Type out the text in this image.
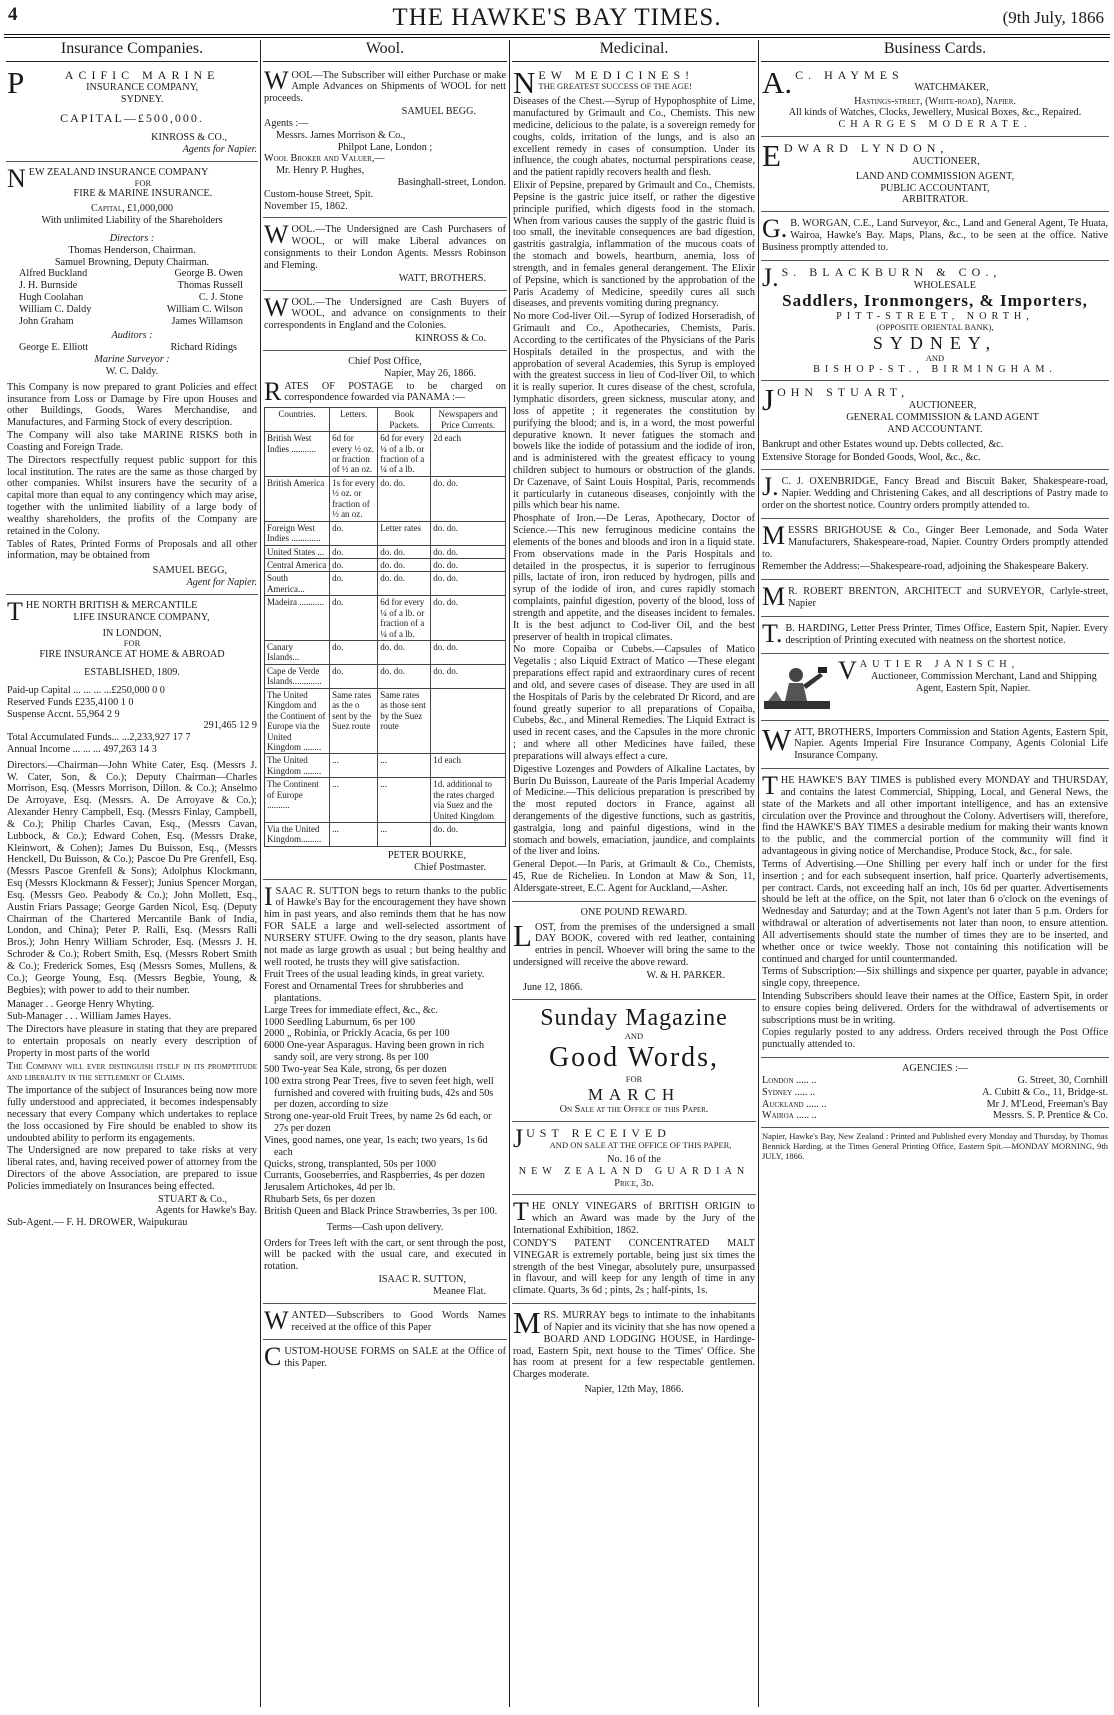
4	THE HAWKE'S BAY TIMES.	(9th July, 1866
Insurance Companies.
P	ACIFIC MARINE
INSURANCE COMPANY,
SYDNEY.
CAPITAL—£500,000.
KINROSS & CO.,
Agents for Napier.
N EW ZEALAND INSURANCE COMPANY
FOR
FIRE & MARINE INSURANCE.
Capital, £1,000,000
With unlimited Liability of the Shareholders
Directors :
Thomas Henderson, Chairman.
Samuel Browning, Deputy Chairman.
Alfred Buckland	George B. Owen
J. H. Burnside	Thomas Russell
Hugh Coolahan	C. J. Stone
William C. Daldy	William C. Wilson
John Graham	James Willamson
Auditors :
George E. Elliott	Richard Ridings
Marine Surveyor :
W. C. Daldy.

This Company is now prepared to grant Policies and effect insurance from Loss or Damage by Fire upon Houses and other Buildings, Goods, Wares Merchandise, and Manufactures, and Farming Stock of every description.

The Company will also take MARINE RISKS both in Coasting and Foreign Trade.

The Directors respectfully request public support for this local institution. The rates are the same as those charged by other companies. Whilst insurers have the security of a capital more than equal to any contingency which may arise, together with the unlimited liability of a large body of wealthy shareholders, the profits of the Company are retained in the Colony.

Tables of Rates, Printed Forms of Proposals and all other information, may be obtained from

SAMUEL BEGG,
Agent for Napier.
T HE NORTH BRITISH & MERCANTILE
LIFE INSURANCE COMPANY,
IN LONDON,
FOR
FIRE INSURANCE AT HOME & ABROAD
ESTABLISHED, 1809.
Paid-up Capital ... ... ... ...£250,000 0 0
Reserved Funds £235,4100 1 0
Suspense Accnt. 55,964 2 9
291,465 12 9
Total Accumulated Funds... ...2,233,927 17 7
Annual Income ... ... ... 497,263 14 3

Directors.—Chairman—John White Cater, Esq. (Messrs J. W. Cater, Son, & Co.); Deputy Chairman—Charles Morrison, Esq. (Messrs Morrison, Dillon. & Co.); Anselmo De Arroyave, Esq. (Messrs. A. De Arroyave & Co.); Alexander Henry Campbell, Esq. (Messrs Finlay, Campbell, & Co.); Philip Charles Cavan, Esq., (Messrs Cavan, Lubbock, & Co.); Edward Cohen, Esq. (Messrs Drake, Kleinwort, & Cohen); James Du Buisson, Esq., (Messrs Henckell, Du Buisson, & Co.); Pascoe Du Pre Grenfell, Esq. (Messrs Pascoe Grenfell & Sons); Adolphus Klockmann, Esq (Messrs Klockmann & Fesser); Junius Spencer Morgan, Esq. (Messrs Geo. Peabody & Co.); John Mollett, Esq., Austin Friars Passage; George Garden Nicol, Esq. (Deputy Chairman of the Chartered Mercantile Bank of India, London, and China); Peter P. Ralli, Esq. (Messrs Ralli Bros.); John Henry William Schroder, Esq. (Messrs J. H. Schroder & Co.); Robert Smith, Esq. (Messrs Robert Smith & Co.); Frederick Somes, Esq (Messrs Somes, Mullens, & Co.); George Young, Esq. (Messrs Begbie, Young, & Begbies); with power to add to their number.

Manager . . George Henry Whyting.
Sub-Manager . . . William James Hayes.

The Directors have pleasure in stating that they are prepared to entertain proposals on nearly every description of Property in most parts of the world

The Company will ever distinguish itself in its promptitude and liberality in the settlement of Claims.

The importance of the subject of Insurances being now more fully understood and appreciated, it becomes indespensably necessary that every Company which undertakes to replace the loss occasioned by Fire should be enabled to show its undoubted ability to perform its engagements.

The Undersigned are now prepared to take risks at very liberal rates, and, having received power of attorney from the Directors of the above Association, are prepared to issue Policies immediately on Insurances being effected.

STUART & Co.,
Agents for Hawke's Bay.
Sub-Agent.— F. H. DROWER, Waipukurau
Wool.
W OOL—The Subscriber will either Purchase or make Ample Advances on Shipments of WOOL for nett proceeds.

SAMUEL BEGG.
Agents :—
Messrs. James Morrison & Co.,
Philpot Lane, London ;
Wool Broker and Valuer,—
Mr. Henry P. Hughes,
Basinghall-street, London.
Custom-house Street, Spit.
November 15, 1862.
W OOL.—The Undersigned are Cash Purchasers of WOOL, or will make Liberal advances on consignments to their London Agents. Messrs Robinson and Fleming.

WATT, BROTHERS.
W OOL.—The Undersigned are Cash Buyers of WOOL, and advance on consignments to their correspondents in England and the Colonies.

KINROSS & Co.
Chief Post Office,
Napier, May 26, 1866.
R ATES OF POSTAGE to be charged on correspondence fowarded via PANAMA :—

Countries.	Letters.	Book Packets.	Newspapers and Price Currents.
British West Indies ...........	6d for every ½ oz. or fraction of ½ an oz.	6d for every ¼ of a lb. or fraction of a ¼ of a lb.	2d each
British America	1s for every ½ oz. or fraction of ½ an oz.	do. do.	do. do.
Foreign West Indies .............	do.	Letter rates	do. do.
United States ...	do.	do. do.	do. do.
Central America	do.	do. do.	do. do.
South America...	do.	do. do.	do. do.
Madeira ...........	do.	6d for every ¼ of a lb. or fraction of a ¼ of a lb.	do. do.
Canary Islands...	do.	do. do.	do. do.
Cape de Verde Islands.............	do.	do. do.	do. do.
The United Kingdom and the Continent of Europe via the United Kingdom ........	Same rates as the o sent by the Suez route	Same rates as those sent by the Suez route	
The United Kingdom ........	...	...	1d each
The Continent of Europe ..........	...	...	1d. additional to the rates charged via Suez and the United Kingdom
Via the United Kingdom.........	...	...	do. do.
PETER BOURKE,
Chief Postmaster.
I SAAC R. SUTTON begs to return thanks to the public of Hawke's Bay for the encouragement they have shown him in past years, and also reminds them that he has now FOR SALE a large and well-selected assortment of NURSERY STUFF. Owing to the dry season, plants have not made as large growth as usual ; but being healthy and well rooted, he trusts they will give satisfaction.

Fruit Trees of the usual leading kinds, in great variety.
Forest and Ornamental Trees for shrubberies and plantations.
Large Trees for immediate effect, &c., &c.
1000 Seedling Laburnum, 6s per 100
2000 „ Robinia, or Prickly Acacia, 6s per 100
6000 One-year Asparagus. Having been grown in rich sandy soil, are very strong. 8s per 100
500 Two-year Sea Kale, strong, 6s per dozen
100 extra strong Pear Trees, five to seven feet high, well furnished and covered with fruiting buds, 42s and 50s per dozen, according to size
Strong one-year-old Fruit Trees, by name 2s 6d each, or 27s per dozen
Vines, good names, one year, 1s each; two years, 1s 6d each
Quicks, strong, transplanted, 50s per 1000
Currants, Gooseberries, and Raspberries, 4s per dozen
Jerusalem Artichokes, 4d per lb.
Rhubarb Sets, 6s per dozen
British Queen and Black Prince Strawberries, 3s per 100.
Terms—Cash upon delivery.

Orders for Trees left with the cart, or sent through the post, will be packed with the usual care, and executed in rotation.

ISAAC R. SUTTON,
Meanee Flat.
W ANTED—Subscribers to Good Words Names received at the office of this Paper

C USTOM-HOUSE FORMS on SALE at the Office of this Paper.

Medicinal.
N EW MEDICINES!
THE GREATEST SUCCESS OF THE AGE!

Diseases of the Chest.—Syrup of Hypophosphite of Lime, manufactured by Grimault and Co., Chemists. This new medicine, delicious to the palate, is a sovereign remedy for coughs, colds, irritation of the lungs, and is also an excellent remedy in cases of consumption. Under its influence, the cough abates, nocturnal perspirations cease, and the patient rapidly recovers health and flesh.

Elixir of Pepsine, prepared by Grimault and Co., Chemists. Pepsine is the gastric juice itself, or rather the digestive principle purified, which digests food in the stomach. When from various causes the supply of the gastric fluid is too small, the inevitable consequences are bad digestion, gastritis gastralgia, inflammation of the mucous coats of the stomach and bowels, heartburn, anemia, loss of strength, and in females general derangement. The Elixir of Pepsine, which is sanctioned by the approbation of the Paris Academy of Medicine, speedily cures all such diseases, and prevents vomiting during pregnancy.

No more Cod-liver Oil.—Syrup of Iodized Horseradish, of Grimault and Co., Apothecaries, Chemists, Paris. According to the certificates of the Physicians of the Paris Hospitals detailed in the prospectus, and with the approbation of several Academies, this Syrup is employed with the greatest success in lieu of Cod-liver Oil, to which it is really superior. It cures disease of the chest, scrofula, lymphatic disorders, green sickness, muscular atony, and loss of appetite ; it regenerates the constitution by purifying the blood; and is, in a word, the most powerful depurative known. It never fatigues the stomach and bowels like the iodide of potassium and the iodide of iron, and is administered with the greatest efficacy to young children subject to humours or obstruction of the glands. Dr Cazenave, of Saint Louis Hospital, Paris, recommends it particularly in cutaneous diseases, conjointly with the pills which bear his name.

Phosphate of Iron.—De Leras, Apothecary, Doctor of Science.—This new ferruginous medicine contains the elements of the bones and bloods and iron in a liquid state. From observations made in the Paris Hospitals and detailed in the prospectus, it is superior to ferruginous pills, lactate of iron, iron reduced by hydrogen, pills and syrup of the iodide of iron, and cures rapidly stomach complaints, painful digestion, poverty of the blood, loss of strength and appetite, and the diseases incident to females. It is the best adjunct to Cod-liver Oil, and the best preserver of health in tropical climates.

No more Copaiba or Cubebs.—Capsules of Matico Vegetalis ; also Liquid Extract of Matico —These elegant preparations effect rapid and extraordinary cures of recent and old, and severe cases of disease. They are used in all the Hospitals of Paris by the celebrated Dr Ricord, and are found greatly superior to all preparations of Copaiba, Cubebs, &c., and Mineral Remedies. The Liquid Extract is used in recent cases, and the Capsules in the more chronic ; and where all other Medicines have failed, these preparations will always effect a cure.

Digestive Lozenges and Powders of Alkaline Lactates, by Burin Du Buisson, Laureate of the Paris Imperial Academy of Medicine.—This delicious preparation is prescribed by the most reputed doctors in France, against all derangements of the digestive functions, such as gastritis, gastralgia, long and painful digestions, wind in the stomach and bowels, emaciation, jaundice, and complaints of the liver and loins.

General Depot.—In Paris, at Grimault & Co., Chemists, 45, Rue de Richelieu. In London at Maw & Son, 11, Aldersgate-street, E.C. Agent for Auckland,—Asher.

ONE POUND REWARD.
L OST, from the premises of the undersigned a small DAY BOOK, covered with red leather, containing entries in pencil. Whoever will bring the same to the undersigned will receive the above reward.

W. & H. PARKER.
June 12, 1866.
Sunday Magazine
AND
Good Words,
FOR
MARCH
On Sale at the Office of this Paper.
J UST RECEIVED
AND ON SALE AT THE OFFICE OF THIS PAPER,
No. 16 of the
NEW ZEALAND GUARDIAN
Price, 3d.
T HE ONLY VINEGARS of BRITISH ORIGIN to which an Award was made by the Jury of the International Exhibition, 1862.

CONDY'S PATENT CONCENTRATED MALT VINEGAR is extremely portable, being just six times the strength of the best Vinegar, absolutely pure, unsurpassed in flavour, and will keep for any length of time in any climate. Quarts, 3s 6d ; pints, 2s ; half-pints, 1s.

M RS. MURRAY begs to intimate to the inhabitants of Napier and its vicinity that she has now opened a BOARD AND LODGING HOUSE, in Hardinge-road, Eastern Spit, next house to the 'Times' Office. She has room at present for a few respectable gentlemen. Charges moderate.

Napier, 12th May, 1866.
Business Cards.
A. C. HAYMES
WATCHMAKER,
Hastings-street, (White-road), Napier.
All kinds of Watches, Clocks, Jewellery, Musical Boxes, &c., Repaired.
CHARGES MODERATE.
E DWARD LYNDON,
AUCTIONEER,
LAND AND COMMISSION AGENT,
PUBLIC ACCOUNTANT,
ARBITRATOR.
G. B. WORGAN, C.E., Land Surveyor, &c., Land and General Agent, Te Huata, Wairoa, Hawke's Bay. Maps, Plans, &c., to be seen at the office. Native Business promptly attended to.

J. S. BLACKBURN & CO.,
WHOLESALE
Saddlers, Ironmongers, & Importers,
PITT-STREET, NORTH,
(OPPOSITE ORIENTAL BANK),
SYDNEY,
AND
BISHOP-ST., BIRMINGHAM.
J OHN STUART,
AUCTIONEER,
GENERAL COMMISSION & LAND AGENT
AND ACCOUNTANT.

Bankrupt and other Estates wound up. Debts collected, &c.

Extensive Storage for Bonded Goods, Wool, &c., &c.

J. C. J. OXENBRIDGE, Fancy Bread and Biscuit Baker, Shakespeare-road, Napier. Wedding and Christening Cakes, and all descriptions of Pastry made to order on the shortest notice. Country orders promptly attended to.

M ESSRS BRIGHOUSE & Co., Ginger Beer Lemonade, and Soda Water Manufacturers, Shakespeare-road, Napier. Country Orders promptly attended to.

Remember the Address:—Shakespeare-road, adjoining the Shakespeare Bakery.

M R. ROBERT BRENTON, ARCHITECT and SURVEYOR, Carlyle-street, Napier

T. B. HARDING, Letter Press Printer, Times Office, Eastern Spit, Napier. Every description of Printing executed with neatness on the shortest notice.

V AUTIER JANISCH,

Auctioneer, Commission Merchant, Land and Shipping Agent, Eastern Spit, Napier.

W ATT, BROTHERS, Importers Commission and Station Agents, Eastern Spit, Napier. Agents Imperial Fire Insurance Company, Agents Colonial Life Insurance Company.

T HE HAWKE'S BAY TIMES is published every MONDAY and THURSDAY, and contains the latest Commercial, Shipping, Local, and General News, the state of the Markets and all other important intelligence, and has an extensive circulation over the Province and throughout the Colony. Advertisers will, therefore, find the HAWKE'S BAY TIMES a desirable medium for making their wants known to the public, and the commercial portion of the community will find it advantageous in giving notice of Merchandise, Produce Stock, &c., for sale.

Terms of Advertising.—One Shilling per every half inch or under for the first insertion ; and for each subsequent insertion, half price. Quarterly advertisements, per contract. Cards, not exceeding half an inch, 10s 6d per quarter. Advertisements should be left at the office, on the Spit, not later than 6 o'clock on the evenings of Wednesday and Saturday; and at the Town Agent's not later than 5 p.m. Orders for withdrawal or alteration of advertisements not later than noon, to ensure attention. All advertisements should state the number of times they are to be inserted, and whether once or twice weekly. Those not containing this notification will be continued and charged for until countermanded.

Terms of Subscription:—Six shillings and sixpence per quarter, payable in advance; single copy, threepence.

Intending Subscribers should leave their names at the Office, Eastern Spit, in order to ensure copies being delivered. Orders for the withdrawal of advertisements or subscriptions must be in writing.

Copies regularly posted to any address. Orders received through the Post Office punctually attended to.

AGENCIES :—
London ..... ..	G. Street, 30, Cornhill
Sydney ..... ..	A. Cubitt & Co., 11, Bridge-st.
Auckland ..... ..	Mr J. M'Leod, Freeman's Bay
Wairoa ..... ..	Messrs. S. P. Prentice & Co.
Napier, Hawke's Bay, New Zealand : Printed and Published every Monday and Thursday, by Thomas Bennick Harding, at the Times General Printing Office, Eastern Spit.—MONDAY MORNING, 9th JULY, 1866.
